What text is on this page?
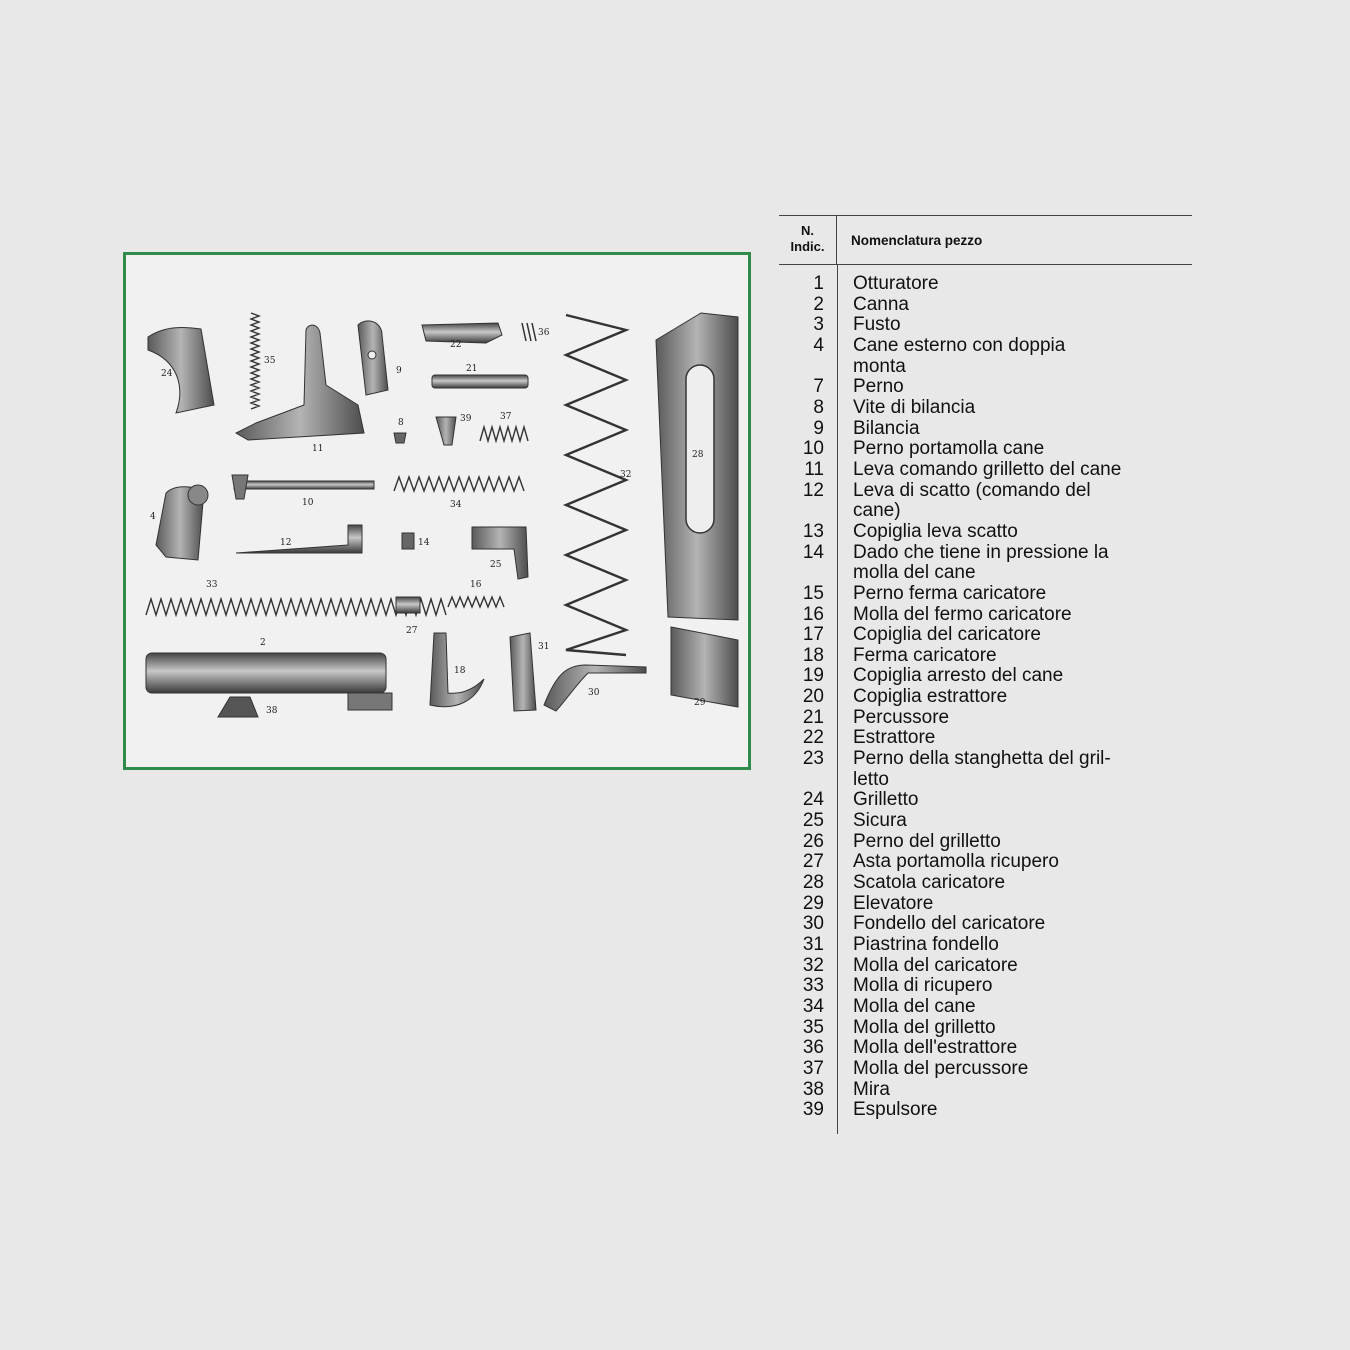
24
35
11
9
22
21
36
8	39	37
10	34
32
28
4
12	14
25
33	16
27
2
18
31
30
29
38
N.
Indic.	Nomenclatura pezzo
1	Otturatore
2	Canna
3	Fusto
4	Cane esterno con doppia
monta
7	Perno
8	Vite di bilancia
9	Bilancia
10	Perno portamolla cane
11	Leva comando grilletto del cane
12	Leva di scatto (comando del
cane)
13	Copiglia leva scatto
14	Dado che tiene in pressione la
molla del cane
15	Perno ferma caricatore
16	Molla del fermo caricatore
17	Copiglia del caricatore
18	Ferma caricatore
19	Copiglia arresto del cane
20	Copiglia estrattore
21	Percussore
22	Estrattore
23	Perno della stanghetta del gril-
letto
24	Grilletto
25	Sicura
26	Perno del grilletto
27	Asta portamolla ricupero
28	Scatola caricatore
29	Elevatore
30	Fondello del caricatore
31	Piastrina fondello
32	Molla del caricatore
33	Molla di ricupero
34	Molla del cane
35	Molla del grilletto
36	Molla dell'estrattore
37	Molla del percussore
38	Mira
39	Espulsore
